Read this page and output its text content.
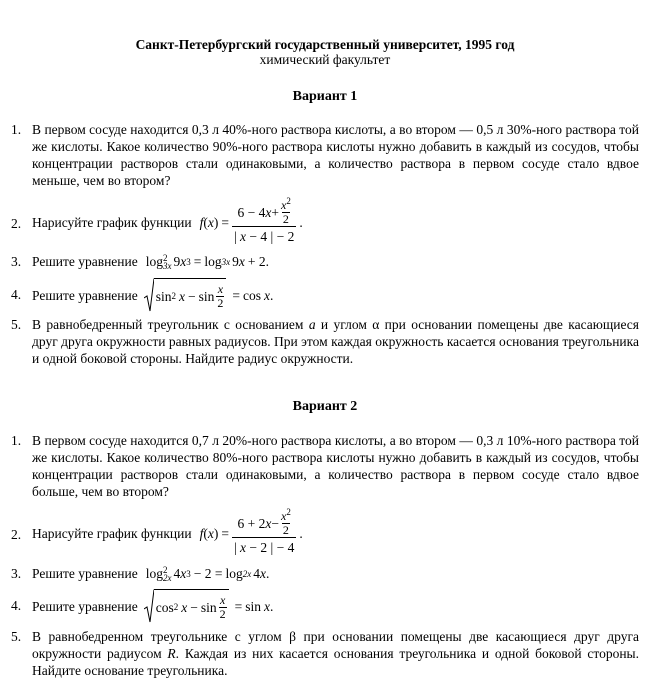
Санкт-Петербургский государственный университет, 1995 год
химический факультет
Вариант 1
1. В первом сосуде находится 0,3 л 40%-ного раствора кислоты, а во втором — 0,5 л 30%-ного раствора той же кислоты. Какое количество 90%-ного раствора кислоты нужно добавить в каждый из сосудов, чтобы концентрации растворов стали одинаковыми, а количество раствора в первом сосуде стало вдвое меньше, чем во втором?
2. Нарисуйте график функции f ( x ) = $\frac{6 - 4 x + \frac{x^2}{2}}{| x - 4 | - 2}$ .
3. Решите уравнение log 2
3x 9 x 3 = log 3x 9 x + 2 .
4. Решите уравнение sin 2 x − sin x
2 = cos x .
5. В равнобедренный треугольник с основанием a и углом α при основании помещены две касающиеся друг друга окружности равных радиусов. При этом каждая окружность касается основания треугольника и одной боковой стороны. Найдите радиус окружности.
Вариант 2
1. В первом сосуде находится 0,7 л 20%-ного раствора кислоты, а во втором — 0,3 л 10%-ного раствора той же кислоты. Какое количество 80%-ного раствора кислоты нужно добавить в каждый из сосудов, чтобы концентрации растворов стали одинаковыми, а количество раствора в первом сосуде стало вдвое больше, чем во втором?
2. Нарисуйте график функции f ( x ) = $\frac{6 + 2 x - \frac{x^2}{2}}{| x - 2 | - 4}$ .
3. Решите уравнение log 2
2x 4 x 3 − 2 = log 2x 4 x .
4. Решите уравнение cos 2 x − sin x
2 = sin x .
5. В равнобедренном треугольнике с углом β при основании помещены две касающиеся друг друга окружности радиусом R. Каждая из них касается основания треугольника и одной боковой стороны. Найдите основание треугольника.
